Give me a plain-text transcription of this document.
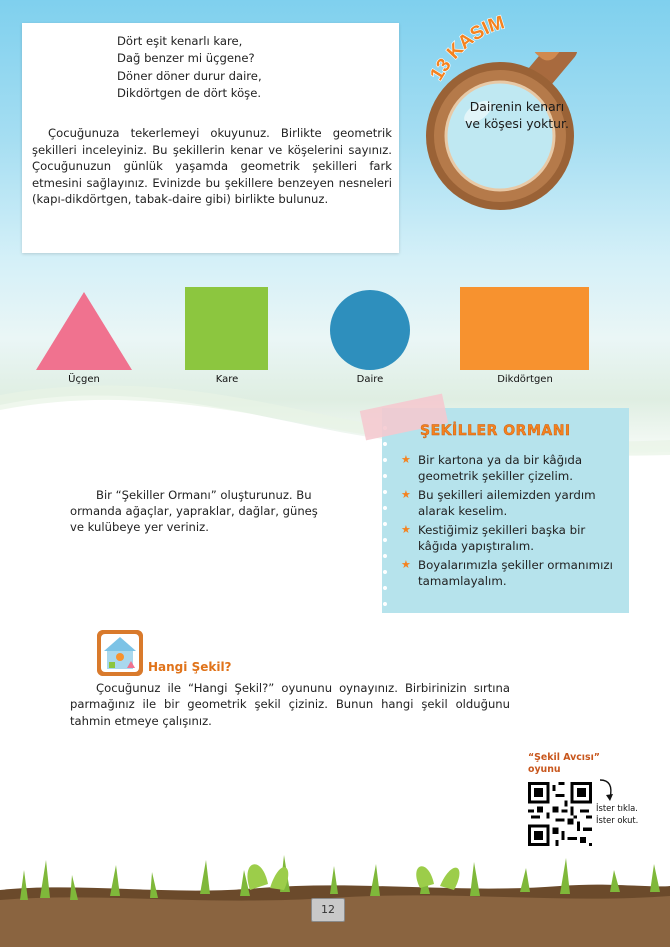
Dört eşit kenarlı kare,
Dağ benzer mi üçgene?
Döner döner durur daire,
Dikdörtgen de dört köşe.
Çocuğunuza tekerlemeyi okuyunuz. Birlikte geometrik şekilleri inceleyiniz. Bu şekillerin kenar ve köşelerini sayınız. Çocuğunuzun günlük yaşamda geometrik şekilleri fark etmesini sağlayınız. Evinizde bu şekillere benzeyen nesneleri (kapı-dikdörtgen, tabak-daire gibi) birlikte bulunuz.
13 KASIM
Dairenin kenarı ve köşesi yoktur.
Üçgen	Kare	Daire	Dikdörtgen
ŞEKİLLER ORMANI
★ Bir kartona ya da bir kâğıda geometrik şekiller çizelim.
★ Bu şekilleri ailemizden yardım alarak keselim.
★ Kestiğimiz şekilleri başka bir kâğıda yapıştıralım.
★ Boyalarımızla şekiller ormanımızı tamamlayalım.
Bir “Şekiller Ormanı” oluşturunuz. Bu ormanda ağaçlar, yapraklar, dağlar, güneş ve kulübeye yer veriniz.
Hangi Şekil?
Çocuğunuz ile “Hangi Şekil?” oyununu oynayınız. Birbirinizin sırtına parmağınız ile bir geometrik şekil çiziniz. Bunun hangi şekil olduğunu tahmin etmeye çalışınız.
“Şekil Avcısı”
oyunu
İster tıkla.
İster okut.
12
